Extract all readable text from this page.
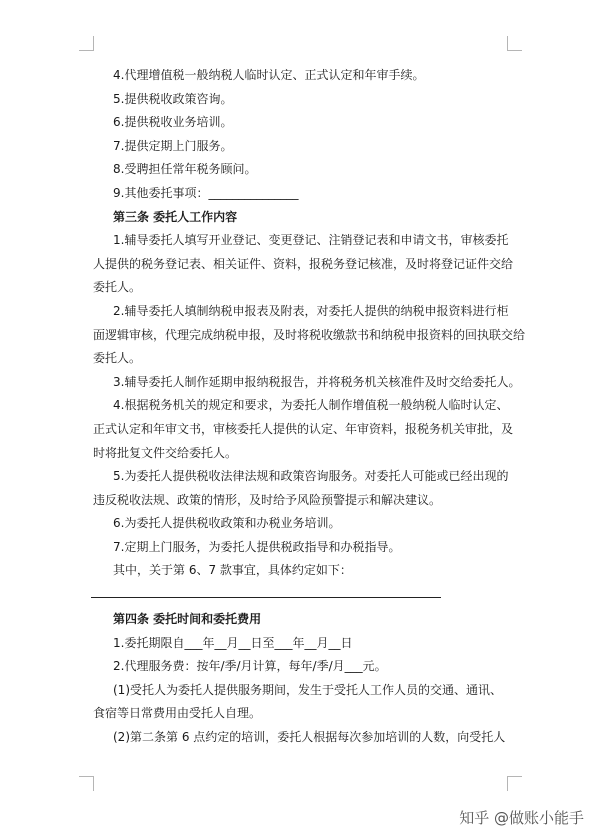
4.代理增值税一般纳税人临时认定、正式认定和年审手续。
5.提供税收政策咨询。
6.提供税收业务培训。
7.提供定期上门服务。
8.受聘担任常年税务顾问。
9.其他委托事项：_______________
第三条 委托人工作内容
1.辅导委托人填写开业登记、变更登记、注销登记表和申请文书，审核委托
人提供的税务登记表、相关证件、资料，报税务登记核准，及时将登记证件交给
委托人。
2.辅导委托人填制纳税申报表及附表，对委托人提供的纳税申报资料进行柜
面逻辑审核，代理完成纳税申报，及时将税收缴款书和纳税申报资料的回执联交给
委托人。
3.辅导委托人制作延期申报纳税报告，并将税务机关核准件及时交给委托人。
4.根据税务机关的规定和要求，为委托人制作增值税一般纳税人临时认定、
正式认定和年审文书，审核委托人提供的认定、年审资料，报税务机关审批，及
时将批复文件交给委托人。
5.为委托人提供税收法律法规和政策咨询服务。对委托人可能或已经出现的
违反税收法规、政策的情形，及时给予风险预警提示和解决建议。
6.为委托人提供税收政策和办税业务培训。
7.定期上门服务，为委托人提供税政指导和办税指导。
其中，关于第 6、7 款事宜，具体约定如下：
第四条 委托时间和委托费用
1.委托期限自___年__月__日至___年__月__日
2.代理服务费：按年/季/月计算，每年/季/月___元。
(1)受托人为委托人提供服务期间，发生于受托人工作人员的交通、通讯、
食宿等日常费用由受托人自理。
(2)第二条第 6 点约定的培训，委托人根据每次参加培训的人数，向受托人
知乎 @做账小能手
